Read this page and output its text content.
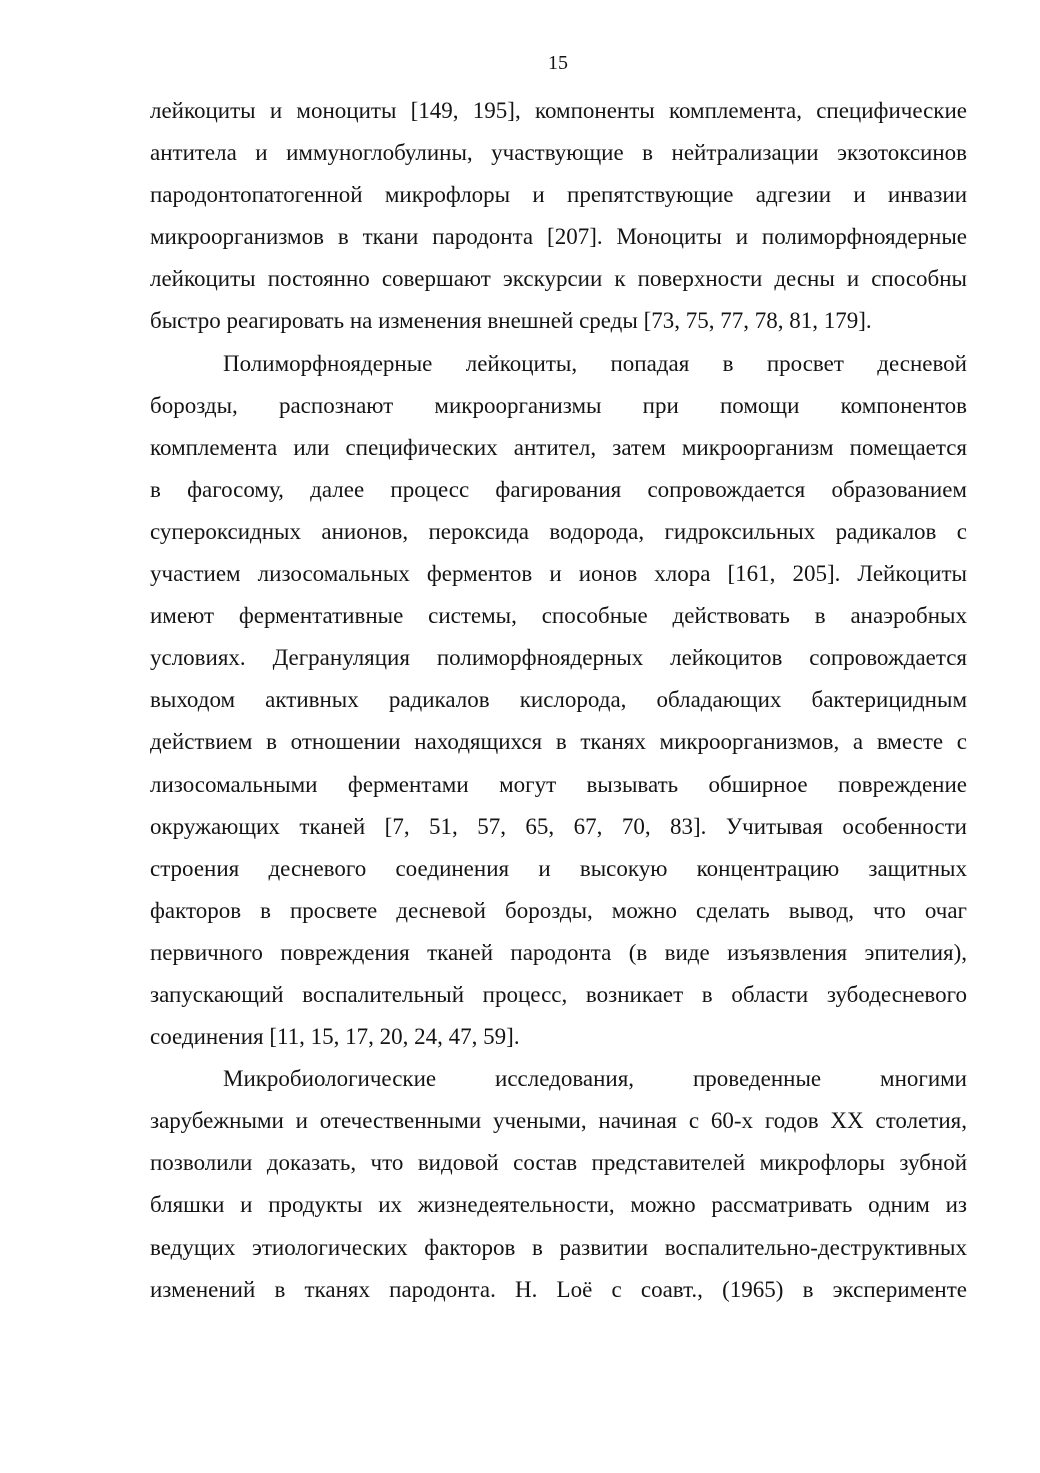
15
лейкоциты и моноциты [149, 195], компоненты комплемента, специфические
антитела и иммуноглобулины, участвующие в нейтрализации экзотоксинов
пародонтопатогенной микрофлоры и препятствующие адгезии и инвазии
микроорганизмов в ткани пародонта [207]. Моноциты и полиморфноядерные
лейкоциты постоянно совершают экскурсии к поверхности десны и способны
быстро реагировать на изменения внешней среды [73, 75, 77, 78, 81, 179].
Полиморфноядерные лейкоциты, попадая в просвет десневой
борозды, распознают микроорганизмы при помощи компонентов
комплемента или специфических антител, затем микроорганизм помещается
в фагосому, далее процесс фагирования сопровождается образованием
супероксидных анионов, пероксида водорода, гидроксильных радикалов с
участием лизосомальных ферментов и ионов хлора [161, 205]. Лейкоциты
имеют ферментативные системы, способные действовать в анаэробных
условиях. Дегрануляция полиморфноядерных лейкоцитов сопровождается
выходом активных радикалов кислорода, обладающих бактерицидным
действием в отношении находящихся в тканях микроорганизмов, а вместе с
лизосомальными ферментами могут вызывать обширное повреждение
окружающих тканей [7, 51, 57, 65, 67, 70, 83]. Учитывая особенности
строения десневого соединения и высокую концентрацию защитных
факторов в просвете десневой борозды, можно сделать вывод, что очаг
первичного повреждения тканей пародонта (в виде изъязвления эпителия),
запускающий воспалительный процесс, возникает в области зубодесневого
соединения [11, 15, 17, 20, 24, 47, 59].
Микробиологические исследования, проведенные многими
зарубежными и отечественными учеными, начиная с 60-х годов XX столетия,
позволили доказать, что видовой состав представителей микрофлоры зубной
бляшки и продукты их жизнедеятельности, можно рассматривать одним из
ведущих этиологических факторов в развитии воспалительно-деструктивных
изменений в тканях пародонта. H. Loё с соавт., (1965) в эксперименте
